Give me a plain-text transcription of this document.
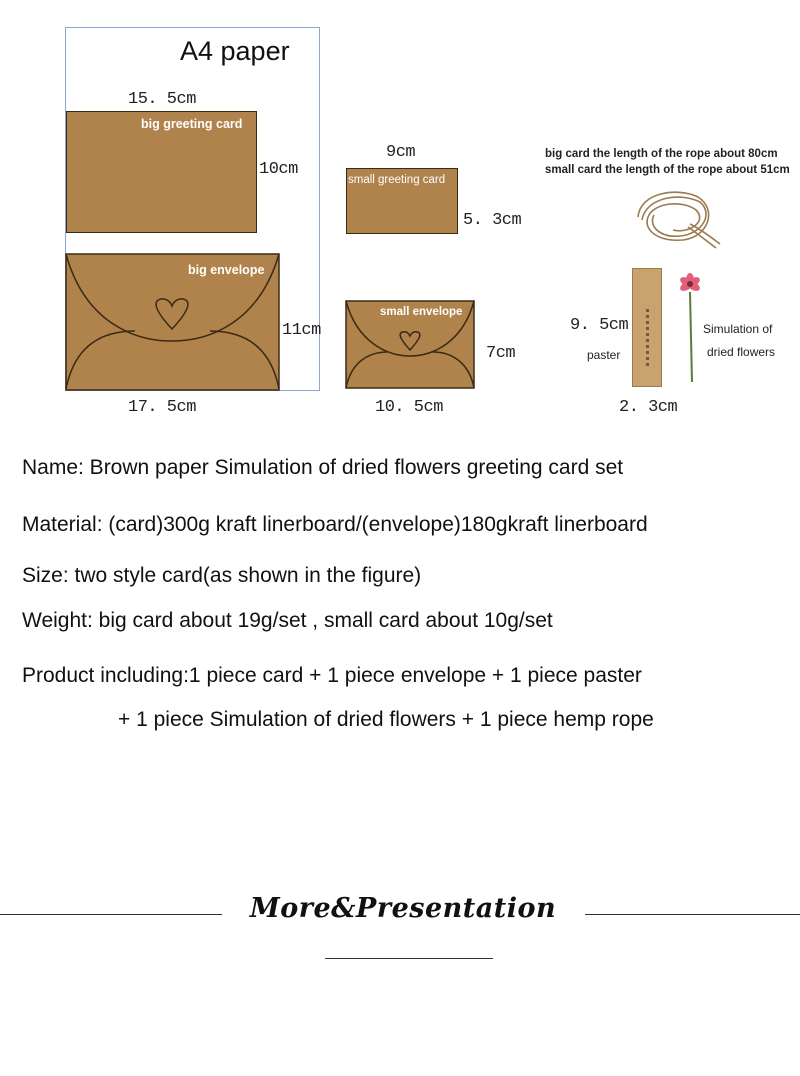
A4 paper
15. 5cm
big greeting card
10cm
big envelope
11cm
17. 5cm
9cm
small greeting card
5. 3cm
small envelope
7cm
10. 5cm
big card the length of the rope about 80cm
small card the length of the rope about 51cm
9. 5cm
paster
2. 3cm
Simulation of
dried flowers
Name: Brown paper Simulation of dried flowers greeting card set
Material: (card)300g kraft linerboard/(envelope)180gkraft linerboard
Size: two style card(as shown in the figure)
Weight: big card about 19g/set , small card about 10g/set
Product including:1 piece card + 1 piece envelope + 1 piece paster
+ 1 piece Simulation of dried flowers + 1 piece hemp rope
More&Presentation
